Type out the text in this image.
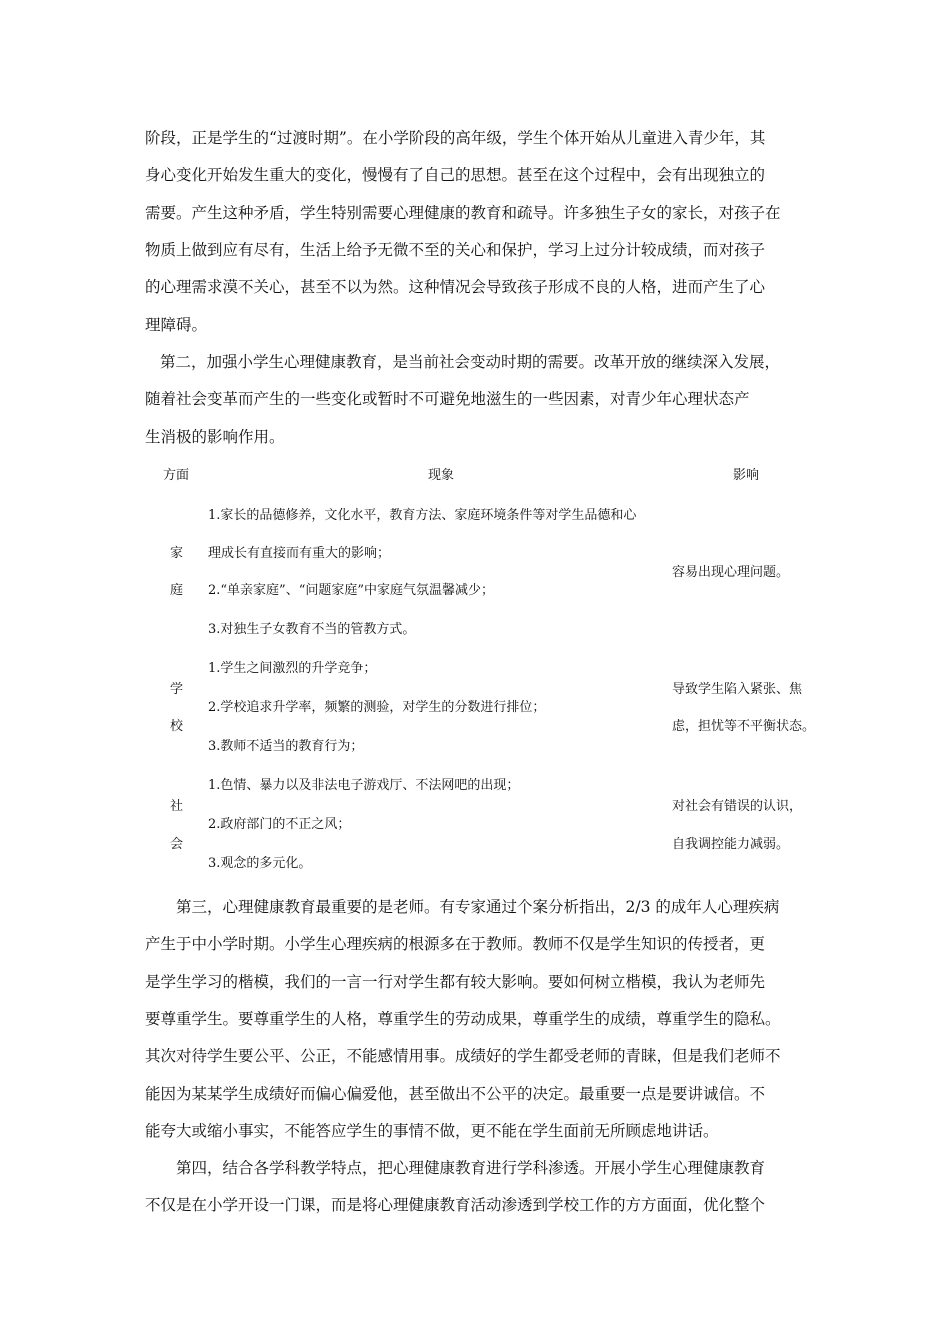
阶段，正是学生的“过渡时期”。在小学阶段的高年级，学生个体开始从儿童进入青少年，其
身心变化开始发生重大的变化，慢慢有了自己的思想。甚至在这个过程中，会有出现独立的
需要。产生这种矛盾，学生特别需要心理健康的教育和疏导。许多独生子女的家长，对孩子在
物质上做到应有尽有，生活上给予无微不至的关心和保护，学习上过分计较成绩，而对孩子
的心理需求漠不关心，甚至不以为然。这种情况会导致孩子形成不良的人格，进而产生了心
理障碍。
第二，加强小学生心理健康教育，是当前社会变动时期的需要。改革开放的继续深入发展，
随着社会变革而产生的一些变化或暂时不可避免地滋生的一些因素，对青少年心理状态产
生消极的影响作用。
方面	现象	影响
家
庭
1.家长的品德修养，文化水平，教育方法、家庭环境条件等对学生品德和心
理成长有直接而有重大的影响；
2.“单亲家庭”、“问题家庭”中家庭气氛温馨减少；
3.对独生子女教育不当的管教方式。
容易出现心理问题。
学
校
1.学生之间激烈的升学竞争；
2.学校追求升学率，频繁的测验，对学生的分数进行排位；
3.教师不适当的教育行为；
导致学生陷入紧张、焦
虑，担忧等不平衡状态。
社
会
1.色情、暴力以及非法电子游戏厅、不法网吧的出现；
2.政府部门的不正之风；
3.观念的多元化。
对社会有错误的认识，
自我调控能力减弱。
第三，心理健康教育最重要的是老师。有专家通过个案分析指出，2/3 的成年人心理疾病
产生于中小学时期。小学生心理疾病的根源多在于教师。教师不仅是学生知识的传授者，更
是学生学习的楷模，我们的一言一行对学生都有较大影响。要如何树立楷模，我认为老师先
要尊重学生。要尊重学生的人格，尊重学生的劳动成果，尊重学生的成绩，尊重学生的隐私。
其次对待学生要公平、公正，不能感情用事。成绩好的学生都受老师的青睐，但是我们老师不
能因为某某学生成绩好而偏心偏爱他，甚至做出不公平的决定。最重要一点是要讲诚信。不
能夸大或缩小事实，不能答应学生的事情不做，更不能在学生面前无所顾虑地讲话。
第四，结合各学科教学特点，把心理健康教育进行学科渗透。开展小学生心理健康教育
不仅是在小学开设一门课，而是将心理健康教育活动渗透到学校工作的方方面面，优化整个
